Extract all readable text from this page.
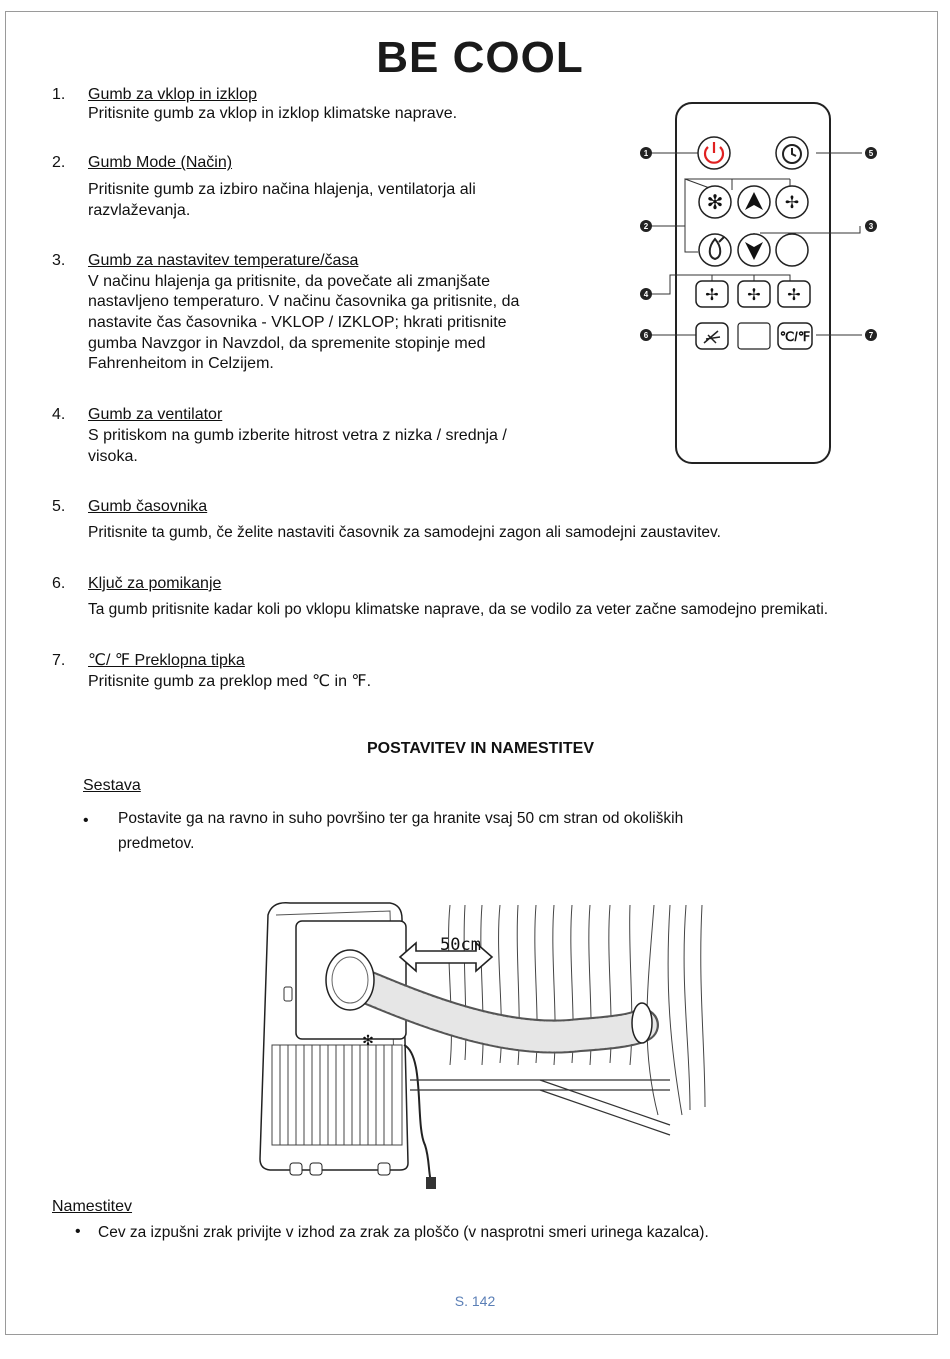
BE COOL
1. Gumb za vklop in izklop

Pritisnite gumb za vklop in izklop klimatske naprave.

2. Gumb Mode (Način)

Pritisnite gumb za izbiro načina hlajenja, ventilatorja ali

razvlaževanja.

3. Gumb za nastavitev temperature/časa

V načinu hlajenja ga pritisnite, da povečate ali zmanjšate

nastavljeno temperaturo. V načinu časovnika ga pritisnite, da

nastavite čas časovnika - VKLOP / IZKLOP; hkrati pritisnite

gumba Navzgor in Navzdol, da spremenite stopinje med

Fahrenheitom in Celzijem.

4. Gumb za ventilator

S pritiskom na gumb izberite hitrost vetra z nizka / srednja /

visoka.

5. Gumb časovnika

Pritisnite ta gumb, če želite nastaviti časovnik za samodejni zagon ali samodejni zaustavitev.

6. Ključ za pomikanje

Ta gumb pritisnite kadar koli po vklopu klimatske naprave, da se vodilo za veter začne samodejno premikati.

7. ℃/ ℉ Preklopna tipka

Pritisnite gumb za preklop med ℃ in ℉.

1	5
2	3
4
6	7
✻	✢
✢ ✢ ✢
℃/℉
POSTAVITEV IN NAMESTITEV

Sestava

• Postavite ga na ravno in suho površino ter ga hranite vsaj 50 cm stran od okoliških

predmetov.

✻
50cm

Namestitev

• Cev za izpušni zrak privijte v izhod za zrak za ploščo (v nasprotni smeri urinega kazalca).

S. 142
